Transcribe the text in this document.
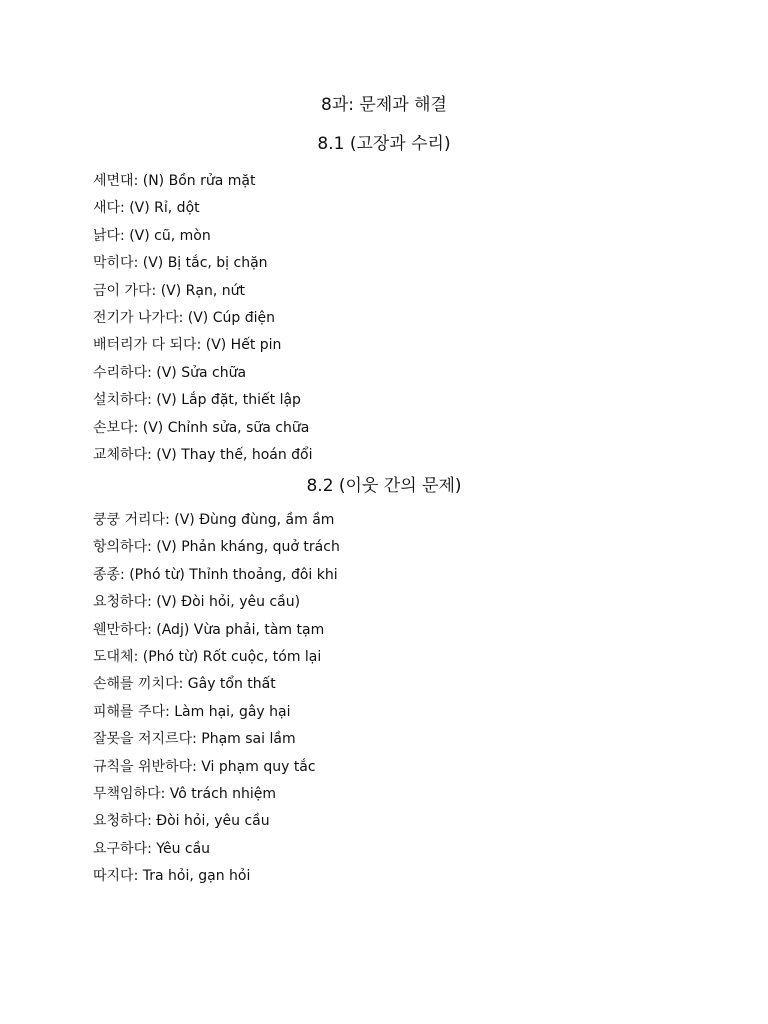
8과: 문제과 해결
8.1 (고장과 수리)
세면대: (N) Bồn rửa mặt
새다: (V) Rỉ, dột
낡다: (V) cũ, mòn
막히다: (V) Bị tắc, bị chặn
금이 가다: (V) Rạn, nứt
전기가 나가다: (V) Cúp điện
배터리가 다 되다: (V) Hết pin
수리하다: (V) Sửa chữa
설치하다: (V) Lắp đặt, thiết lập
손보다: (V) Chỉnh sửa, sữa chữa
교체하다: (V) Thay thế, hoán đổi
8.2 (이웃 간의 문제)
쿵쿵 거리다: (V) Đùng đùng, ầm ầm
항의하다: (V) Phản kháng, quở trách
종종: (Phó từ) Thỉnh thoảng, đôi khi
요청하다: (V) Đòi hỏi, yêu cầu)
웬만하다: (Adj) Vừa phải, tàm tạm
도대체: (Phó từ) Rốt cuộc, tóm lại
손해를 끼치다: Gây tổn thất
피해를 주다: Làm hại, gây hại
잘못을 저지르다: Phạm sai lầm
규칙을 위반하다: Vi phạm quy tắc
무책임하다: Vô trách nhiệm
요청하다: Đòi hỏi, yêu cầu
요구하다: Yêu cầu
따지다: Tra hỏi, gạn hỏi
